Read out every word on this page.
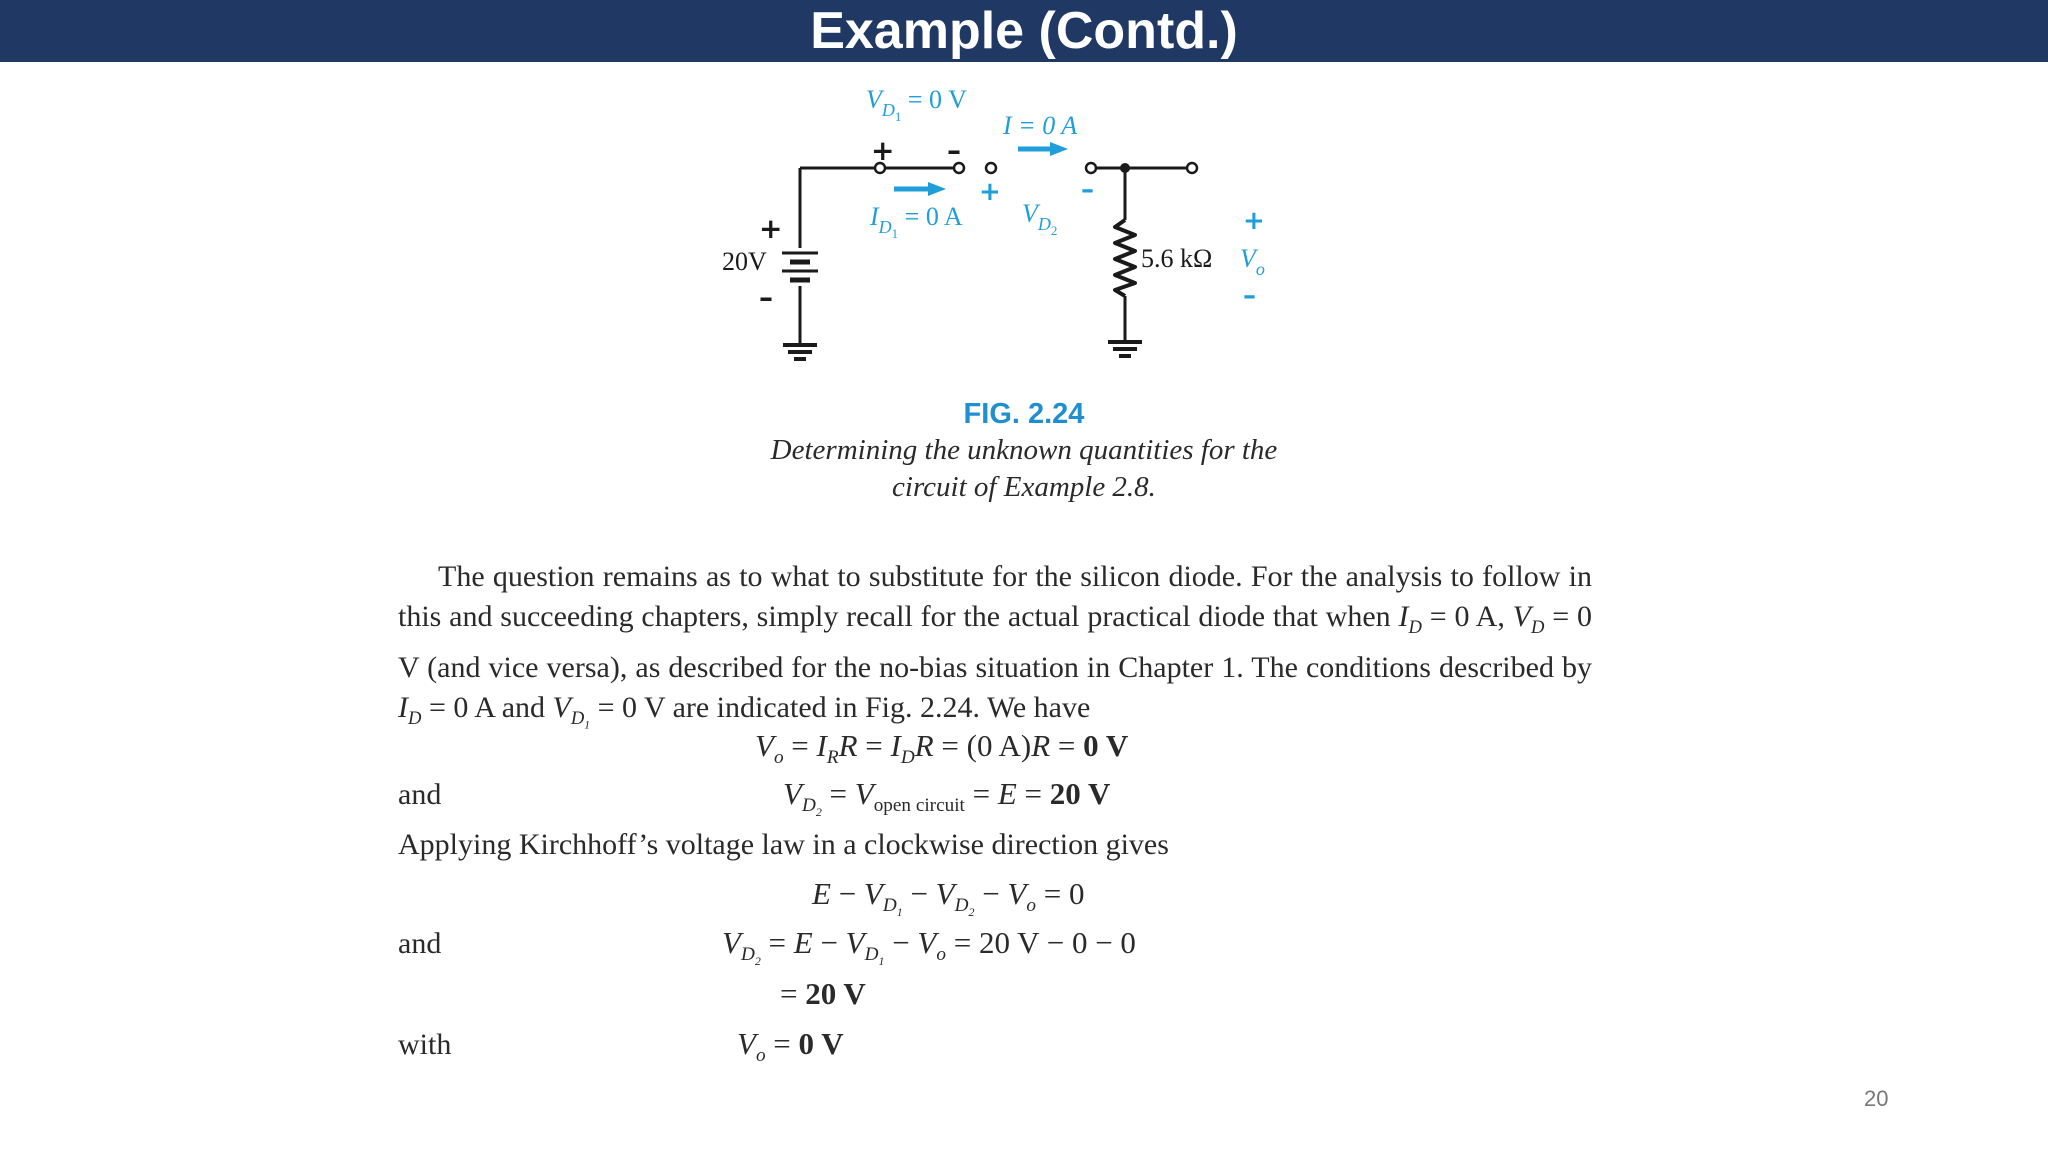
Example (Contd.)
$V_D1 = 0$ V
I = 0 A
$I_D1 = 0$ A $V_D2$
20V	5.6 kΩ $V_o$
+ –
+	–
+
–
+
–
FIG. 2.24
Determining the unknown quantities for the
circuit of Example 2.8.
The question remains as to what to substitute for the silicon diode. For the analysis to follow in this and succeeding chapters, simply recall for the actual practical diode that when $I_D = 0$ A, $V_D = 0$ V (and vice versa), as described for the no-bias situation in Chapter 1. The conditions described by $I_D = 0$ A and $V_{D_1} = 0$ V are indicated in Fig. 2.24. We have
$V_o = I_RR = I_DR = (0$ A)R = 0 V
and	$V_{D_2} = V_{open circuit} = E = 20$ V
Applying Kirchhoff’s voltage law in a clockwise direction gives
$E - V_{D_1} - V_{D_2} - V_o = 0$
and	$V_{D_2} = E - V_{D_1} - V_o = 20$ V − 0 − 0
= 20 V
with	$V_o = 0$ V
20
